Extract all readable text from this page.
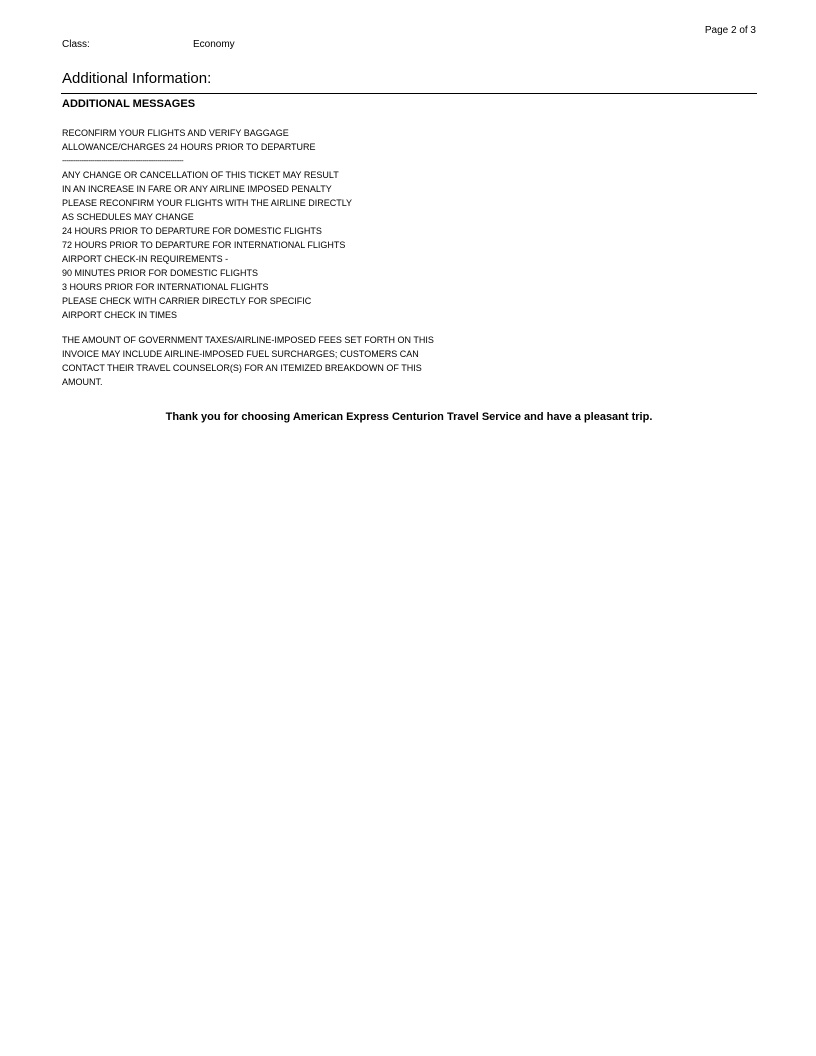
Page 2 of 3
Class:	Economy
Additional Information:
ADDITIONAL MESSAGES
RECONFIRM YOUR FLIGHTS AND VERIFY BAGGAGE
ALLOWANCE/CHARGES 24 HOURS PRIOR TO DEPARTURE
--------------------------------------------------------
ANY CHANGE OR CANCELLATION OF THIS TICKET MAY RESULT
IN AN INCREASE IN FARE OR ANY AIRLINE IMPOSED PENALTY
PLEASE RECONFIRM YOUR FLIGHTS WITH THE AIRLINE DIRECTLY
AS SCHEDULES MAY CHANGE
24 HOURS PRIOR TO DEPARTURE FOR DOMESTIC FLIGHTS
72 HOURS PRIOR TO DEPARTURE FOR INTERNATIONAL FLIGHTS
AIRPORT CHECK-IN REQUIREMENTS -
90 MINUTES PRIOR FOR DOMESTIC FLIGHTS
3 HOURS PRIOR FOR INTERNATIONAL FLIGHTS
PLEASE CHECK WITH CARRIER DIRECTLY FOR SPECIFIC
AIRPORT CHECK IN TIMES
THE AMOUNT OF GOVERNMENT TAXES/AIRLINE-IMPOSED FEES SET FORTH ON THIS
INVOICE MAY INCLUDE AIRLINE-IMPOSED FUEL SURCHARGES; CUSTOMERS CAN
CONTACT THEIR TRAVEL COUNSELOR(S) FOR AN ITEMIZED BREAKDOWN OF THIS
AMOUNT.
Thank you for choosing American Express Centurion Travel Service and have a pleasant trip.
